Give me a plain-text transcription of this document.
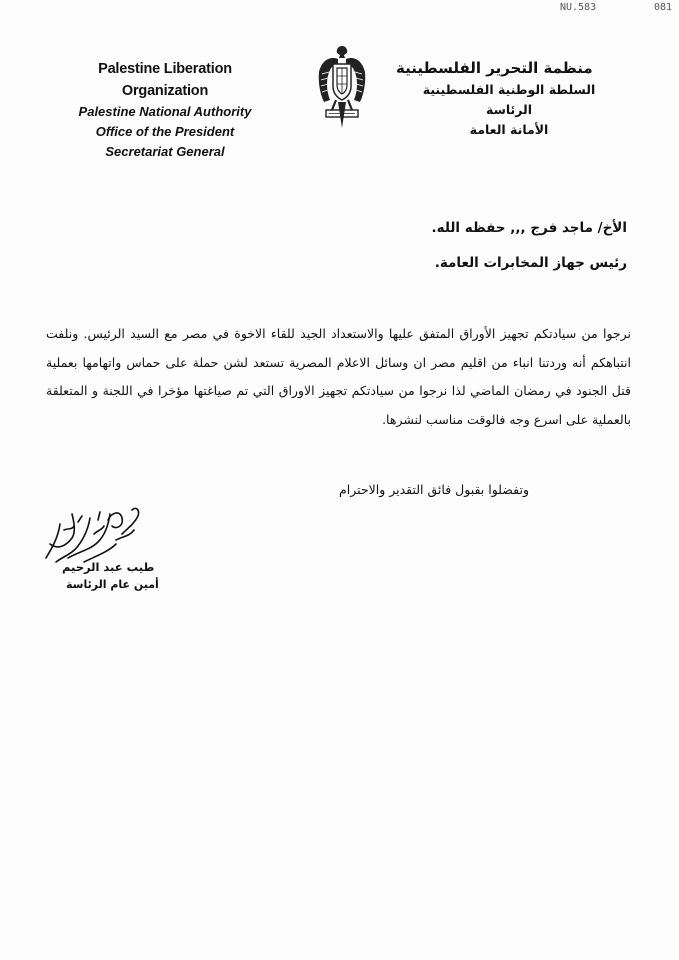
NU.583	081
Palestine Liberation Organization
Palestine National Authority
Office of the President
Secretariat General
منظمة التحرير الفلسطينية
السلطة الوطنية الفلسطينية
الرئاسة
الأمانة العامة
الأخ/ ماجد فرج ,,, حفظه الله.
رئيس جهاز المخابرات العامة.
نرجوا من سيادتكم تجهيز الأوراق المتفق عليها والاستعداد الجيد للقاء الاخوة في مصر مع السيد الرئيس. ونلفت انتباهكم أنه وردتنا انباء من اقليم مصر ان وسائل الاعلام المصرية تستعد لشن حملة على حماس واتهامها بعملية قتل الجنود في رمضان الماضي لذا نرجوا من سيادتكم تجهيز الاوراق التي تم صياغتها مؤخرا في اللجنة و المتعلقة بالعملية على اسرع وجه فالوقت مناسب لنشرها.
وتفضلوا بقبول فائق التقدير والاحترام
طيب عبد الرحيم
أمين عام الرئاسة
